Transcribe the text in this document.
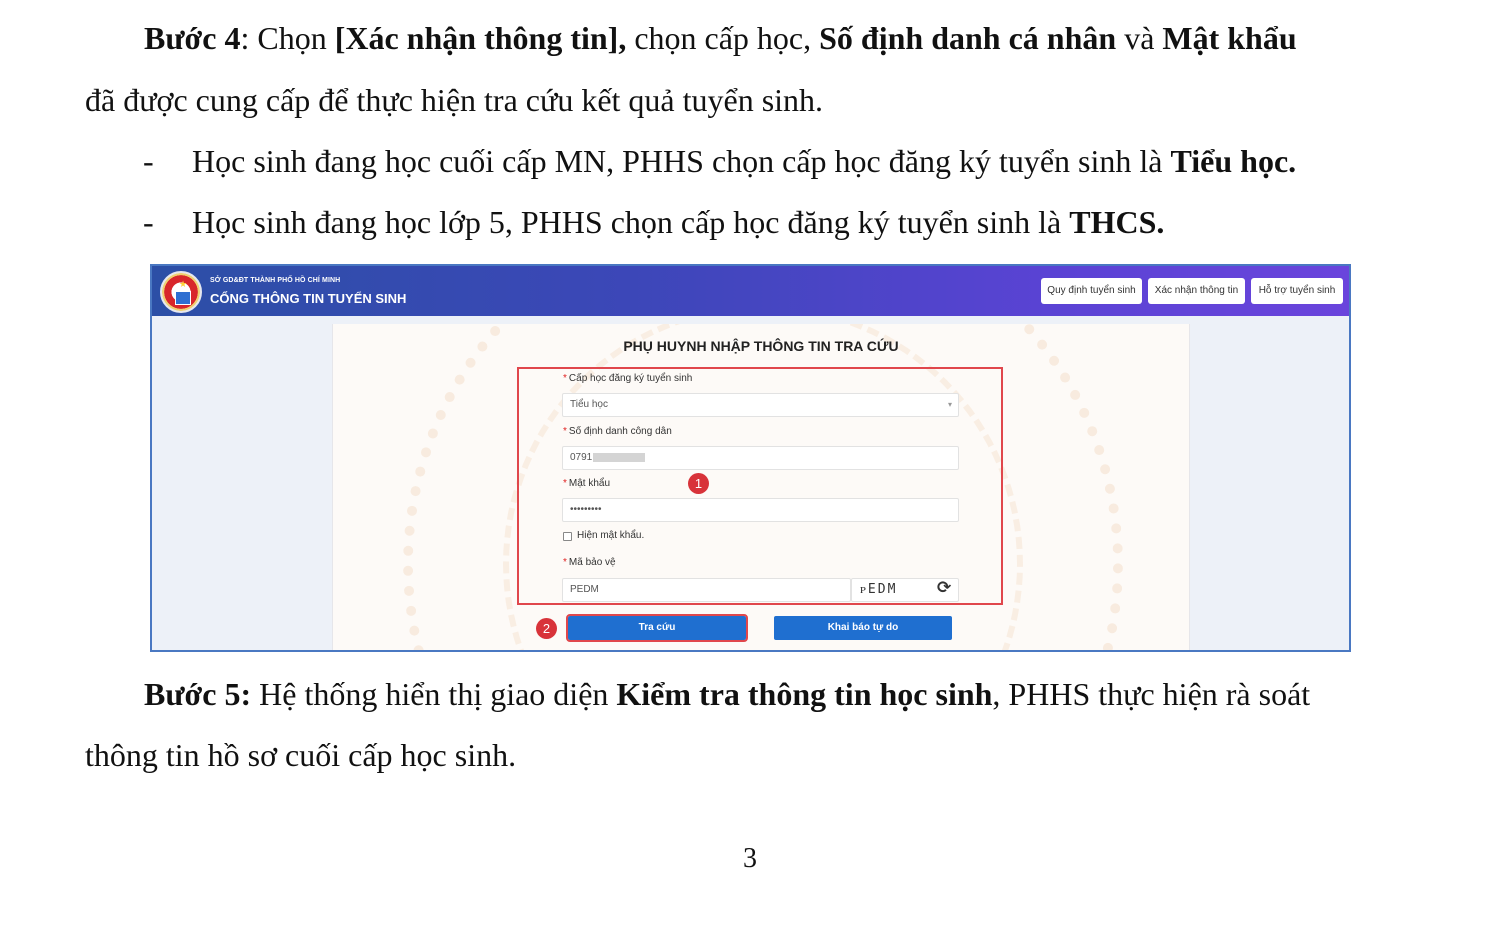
Bước 4: Chọn [Xác nhận thông tin], chọn cấp học, Số định danh cá nhân và Mật khẩu
đã được cung cấp để thực hiện tra cứu kết quả tuyển sinh.
- Học sinh đang học cuối cấp MN, PHHS chọn cấp học đăng ký tuyển sinh là Tiểu học.
- Học sinh đang học lớp 5, PHHS chọn cấp học đăng ký tuyển sinh là THCS.
★	SỞ GD&ĐT THÀNH PHỐ HỒ CHÍ MINH
CỔNG THÔNG TIN TUYỂN SINH
Quy định tuyển sinh	Xác nhận thông tin	Hỗ trợ tuyển sinh
PHỤ HUYNH NHẬP THÔNG TIN TRA CỨU
* Cấp học đăng ký tuyển sinh
Tiểu học	▾
* Số định danh công dân
0791
1
* Mật khẩu
•••••••••
Hiện mật khẩu.
* Mã bảo vệ
PEDM	ᴘEDM ⟳
2	Tra cứu	Khai báo tự do
Bước 5: Hệ thống hiển thị giao diện Kiểm tra thông tin học sinh, PHHS thực hiện rà soát
thông tin hồ sơ cuối cấp học sinh.
3
